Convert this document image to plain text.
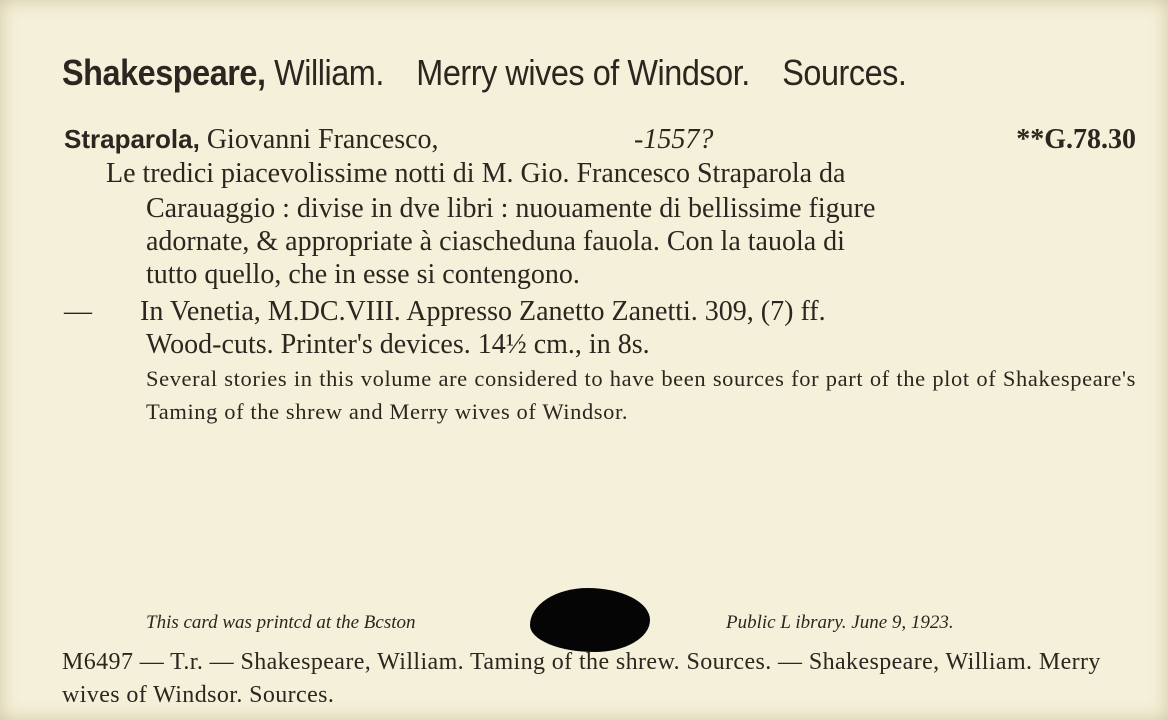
Shakespeare, William. Merry wives of Windsor. Sources.
Straparola, Giovanni Francesco,	-1557?	**G.78.30
Le tredici piacevolissime notti di M. Gio. Francesco Straparola da
Carauaggio : divise in dve libri : nuouamente di bellissime figure
adornate, & appropriate à ciascheduna fauola. Con la tauola di
tutto quello, che in esse si contengono.
— In Venetia, M.DC.VIII. Appresso Zanetto Zanetti. 309, (7) ff.
Wood-cuts. Printer's devices. 14½ cm., in 8s.
Several stories in this volume are considered to have been sources for part of the plot of Shakespeare's Taming of the shrew and Merry wives of Windsor.
This card was printcd at the Bcston	Public L ibrary. June 9, 1923.
M6497 — T.r. — Shakespeare, William. Taming of the shrew. Sources. — Shakespeare, William. Merry wives of Windsor. Sources.
